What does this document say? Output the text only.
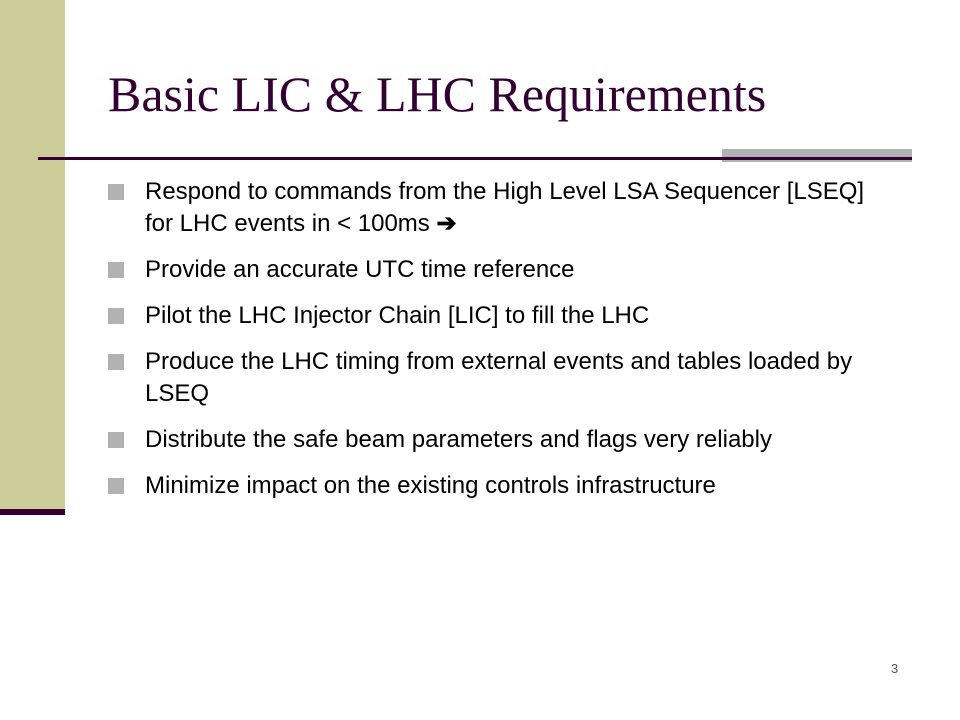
Basic LIC & LHC Requirements
Respond to commands from the High Level LSA Sequencer [LSEQ] for LHC events in < 100ms ➔
Provide an accurate UTC time reference
Pilot the LHC Injector Chain [LIC] to fill the LHC
Produce the LHC timing from external events and tables loaded by LSEQ
Distribute the safe beam parameters and flags very reliably
Minimize impact on the existing controls infrastructure
3
